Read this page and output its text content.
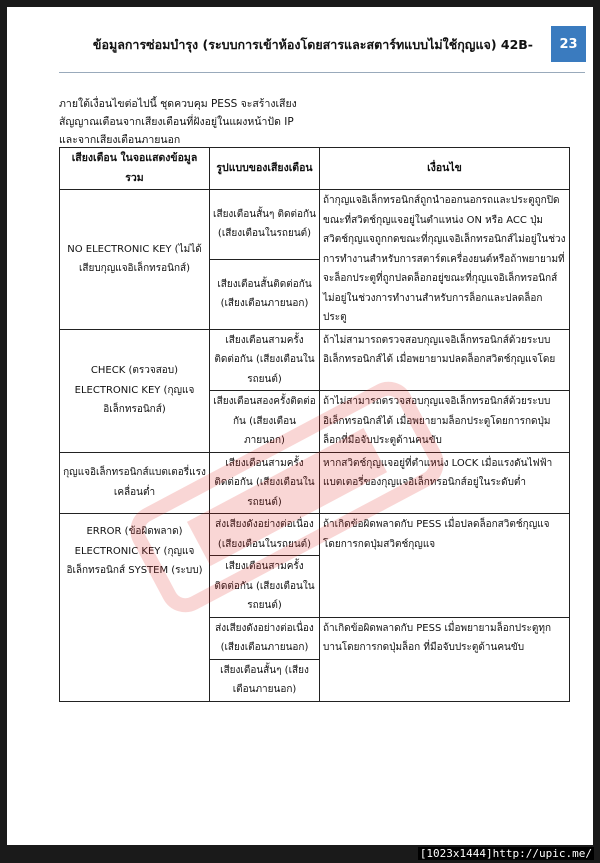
ข้อมูลการซ่อมบำรุง (ระบบการเข้าห้องโดยสารและสตาร์ทแบบไม่ใช้กุญแจ) 42B-	23
ภายใต้เงื่อนไขต่อไปนี้ ชุดควบคุม PESS จะสร้างเสียง
สัญญาณเตือนจากเสียงเตือนที่ฝังอยู่ในแผงหน้าปัด IP
และจากเสียงเตือนภายนอก
เสียงเตือน ในจอแสดงข้อมูลรวม	รูปแบบของเสียงเตือน	เงื่อนไข
NO ELECTRONIC KEY (ไม่ได้เสียบกุญแจอิเล็กทรอนิกส์)	เสียงเตือนสั้นๆ ติดต่อกัน (เสียงเตือนในรถยนต์)	ถ้ากุญแจอิเล็กทรอนิกส์ถูกนำออกนอกรถและประตูถูกปิดขณะที่สวิตช์กุญแจอยู่ในตำแหน่ง ON หรือ ACC ปุ่มสวิตช์กุญแจถูกกดขณะที่กุญแจอิเล็กทรอนิกส์ไม่อยู่ในช่วงการทำงานสำหรับการสตาร์ตเครื่องยนต์หรือถ้าพยายามที่จะล็อกประตูที่ถูกปลดล็อกอยู่ขณะที่กุญแจอิเล็กทรอนิกส์ไม่อยู่ในช่วงการทำงานสำหรับการล็อกและปลดล็อกประตู
	เสียงเตือนสั้นติดต่อกัน (เสียงเตือนภายนอก)	
CHECK (ตรวจสอบ) ELECTRONIC KEY (กุญแจอิเล็กทรอนิกส์)	เสียงเตือนสามครั้งติดต่อกัน (เสียงเตือนในรถยนต์)	ถ้าไม่สามารถตรวจสอบกุญแจอิเล็กทรอนิกส์ด้วยระบบอิเล็กทรอนิกส์ได้ เมื่อพยายามปลดล็อกสวิตช์กุญแจโดย
	เสียงเตือนสองครั้งติดต่อกัน (เสียงเตือนภายนอก)	ถ้าไม่สามารถตรวจสอบกุญแจอิเล็กทรอนิกส์ด้วยระบบอิเล็กทรอนิกส์ได้ เมื่อพยายามล็อกประตูโดยการกดปุ่มล็อกที่มือจับประตูด้านคนขับ
กุญแจอิเล็กทรอนิกส์แบตเตอรี่แรงเคลื่อนต่ำ	เสียงเตือนสามครั้งติดต่อกัน (เสียงเตือนในรถยนต์)	หากสวิตช์กุญแจอยู่ที่ตำแหน่ง LOCK เมื่อแรงดันไฟฟ้า แบตเตอรี่ของกุญแจอิเล็กทรอนิกส์อยู่ในระดับต่ำ
ERROR (ข้อผิดพลาด) ELECTRONIC KEY (กุญแจอิเล็กทรอนิกส์ SYSTEM (ระบบ)	ส่งเสียงดังอย่างต่อเนื่อง (เสียงเตือนในรถยนต์)	ถ้าเกิดข้อผิดพลาดกับ PESS เมื่อปลดล็อกสวิตช์กุญแจ โดยการกดปุ่มสวิตช์กุญแจ
	เสียงเตือนสามครั้งติดต่อกัน (เสียงเตือนในรถยนต์)	
	ส่งเสียงดังอย่างต่อเนื่อง (เสียงเตือนภายนอก)	ถ้าเกิดข้อผิดพลาดกับ PESS เมื่อพยายามล็อกประตูทุกบานโดยการกดปุ่มล็อก ที่มือจับประตูด้านคนขับ
	เสียงเตือนสั้นๆ (เสียงเตือนภายนอก)	
[1023x1444]http://upic.me/
